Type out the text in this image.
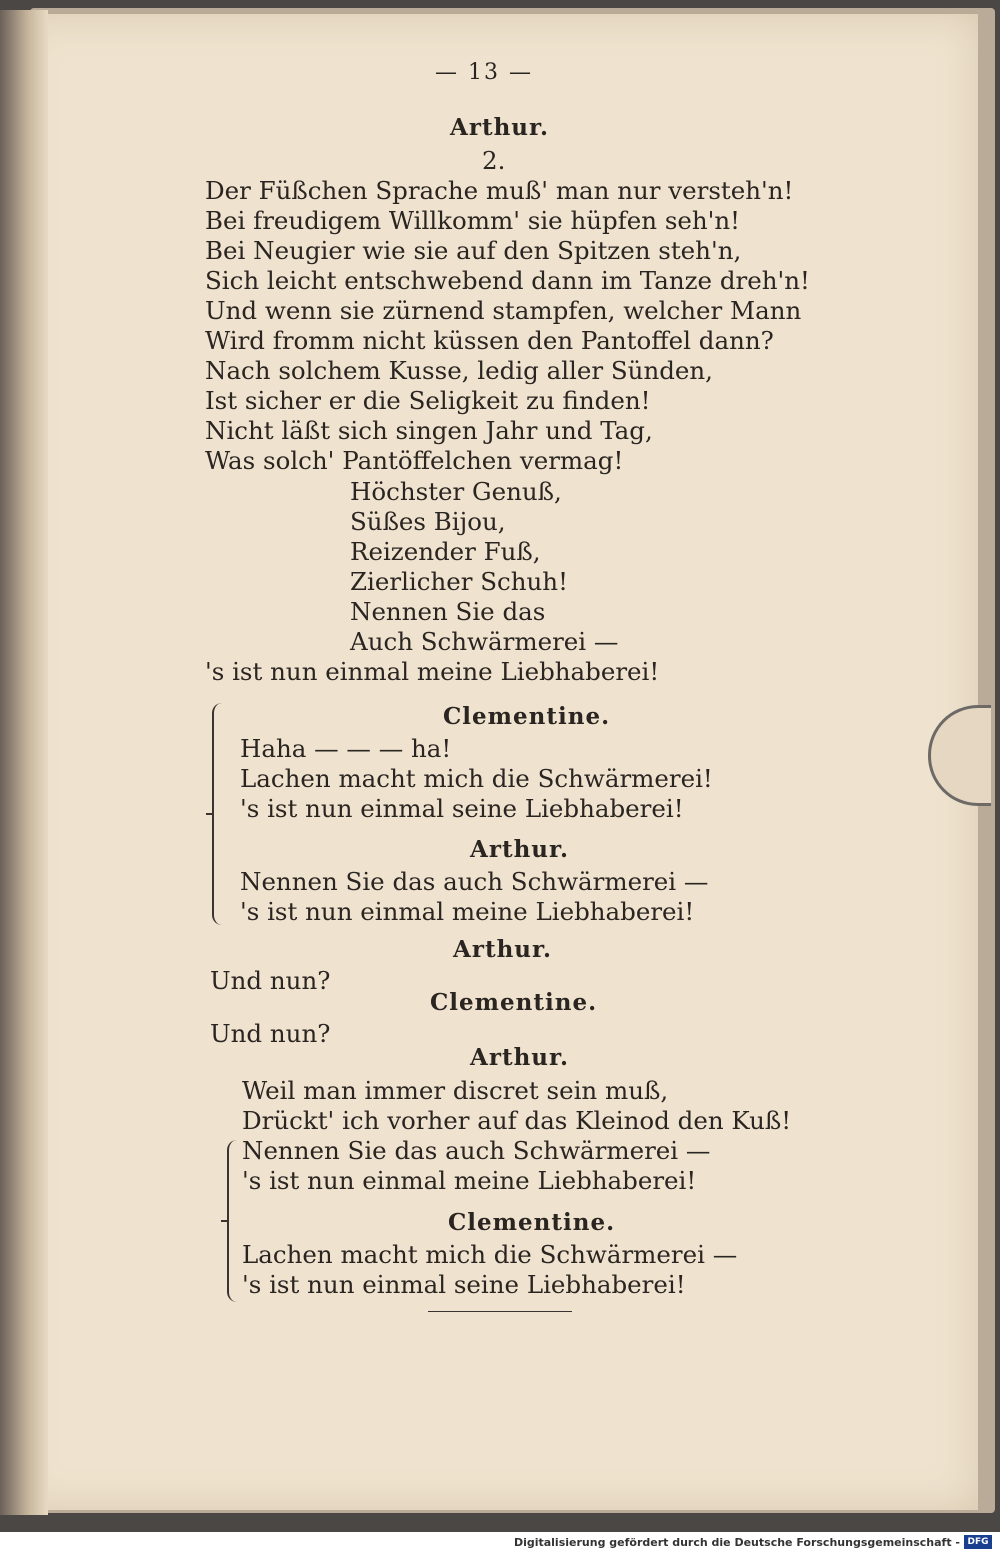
— 13 —
Arthur.
2.
Der Füßchen Sprache muß' man nur versteh'n!
Bei freudigem Willkomm' sie hüpfen seh'n!
Bei Neugier wie sie auf den Spitzen steh'n,
Sich leicht entschwebend dann im Tanze dreh'n!
Und wenn sie zürnend stampfen, welcher Mann
Wird fromm nicht küssen den Pantoffel dann?
Nach solchem Kusse, ledig aller Sünden,
Ist sicher er die Seligkeit zu finden!
Nicht läßt sich singen Jahr und Tag,
Was solch' Pantöffelchen vermag!
Höchster Genuß,
Süßes Bijou,
Reizender Fuß,
Zierlicher Schuh!
Nennen Sie das
Auch Schwärmerei —
's ist nun einmal meine Liebhaberei!
Clementine.
Haha — — — ha!
Lachen macht mich die Schwärmerei!
's ist nun einmal seine Liebhaberei!
Arthur.
Nennen Sie das auch Schwärmerei —
's ist nun einmal meine Liebhaberei!
Arthur.
Und nun?
Clementine.
Und nun?
Arthur.
Weil man immer discret sein muß,
Drückt' ich vorher auf das Kleinod den Kuß!
Nennen Sie das auch Schwärmerei —
's ist nun einmal meine Liebhaberei!
Clementine.
Lachen macht mich die Schwärmerei —
's ist nun einmal seine Liebhaberei!
Digitalisierung gefördert durch die Deutsche Forschungsgemeinschaft - DFG
